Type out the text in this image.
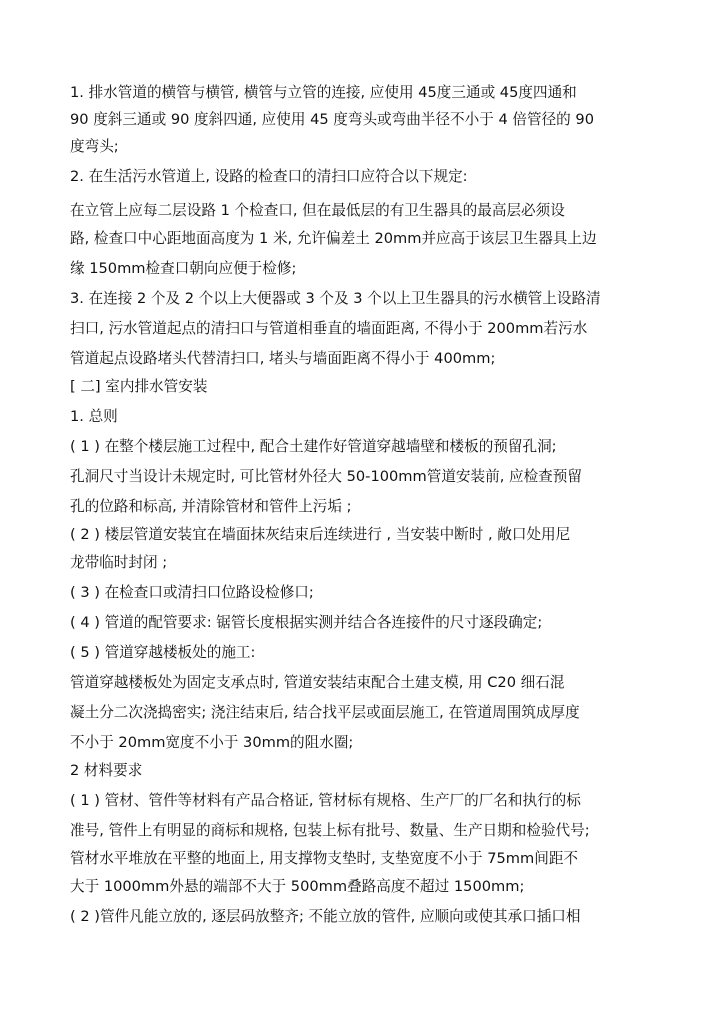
1. 排水管道的横管与横管, 横管与立管的连接, 应使用 45度三通或 45度四通和
90 度斜三通或 90 度斜四通, 应使用 45 度弯头或弯曲半径不小于 4 倍管径的 90
度弯头;
2. 在生活污水管道上, 设路的检查口的清扫口应符合以下规定:
在立管上应每二层设路 1 个检查口, 但在最低层的有卫生器具的最高层必须设
路, 检查口中心距地面高度为 1 米, 允许偏差土 20mm并应高于该层卫生器具上边
缘 150mm检查口朝向应便于检修;
3. 在连接 2 个及 2 个以上大便器或 3 个及 3 个以上卫生器具的污水横管上设路清
扫口, 污水管道起点的清扫口与管道相垂直的墙面距离, 不得小于 200mm若污水
管道起点设路堵头代替清扫口, 堵头与墙面距离不得小于 400mm;
[ 二] 室内排水管安装
1. 总则
( 1 ) 在整个楼层施工过程中, 配合土建作好管道穿越墙壁和楼板的预留孔洞;
孔洞尺寸当设计未规定时, 可比管材外径大 50-100mm管道安装前, 应检查预留
孔的位路和标高, 并清除管材和管件上污垢 ;
( 2 ) 楼层管道安装宜在墙面抹灰结束后连续进行 , 当安装中断时 , 敞口处用尼
龙带临时封闭 ;
( 3 ) 在检查口或清扫口位路设检修口;
( 4 ) 管道的配管要求: 锯管长度根据实测并结合各连接件的尺寸逐段确定;
( 5 ) 管道穿越楼板处的施工:
管道穿越楼板处为固定支承点时, 管道安装结束配合土建支模, 用 C20 细石混
凝土分二次浇捣密实; 浇注结束后, 结合找平层或面层施工, 在管道周围筑成厚度
不小于 20mm宽度不小于 30mm的阻水圈;
2 材料要求
( 1 ) 管材、管件等材料有产品合格证, 管材标有规格、生产厂的厂名和执行的标
准号, 管件上有明显的商标和规格, 包装上标有批号、数量、生产日期和检验代号;
管材水平堆放在平整的地面上, 用支撑物支垫时, 支垫宽度不小于 75mm间距不
大于 1000mm外悬的端部不大于 500mm叠路高度不超过 1500mm;
( 2 )管件凡能立放的, 逐层码放整齐; 不能立放的管件, 应顺向或使其承口插口相
